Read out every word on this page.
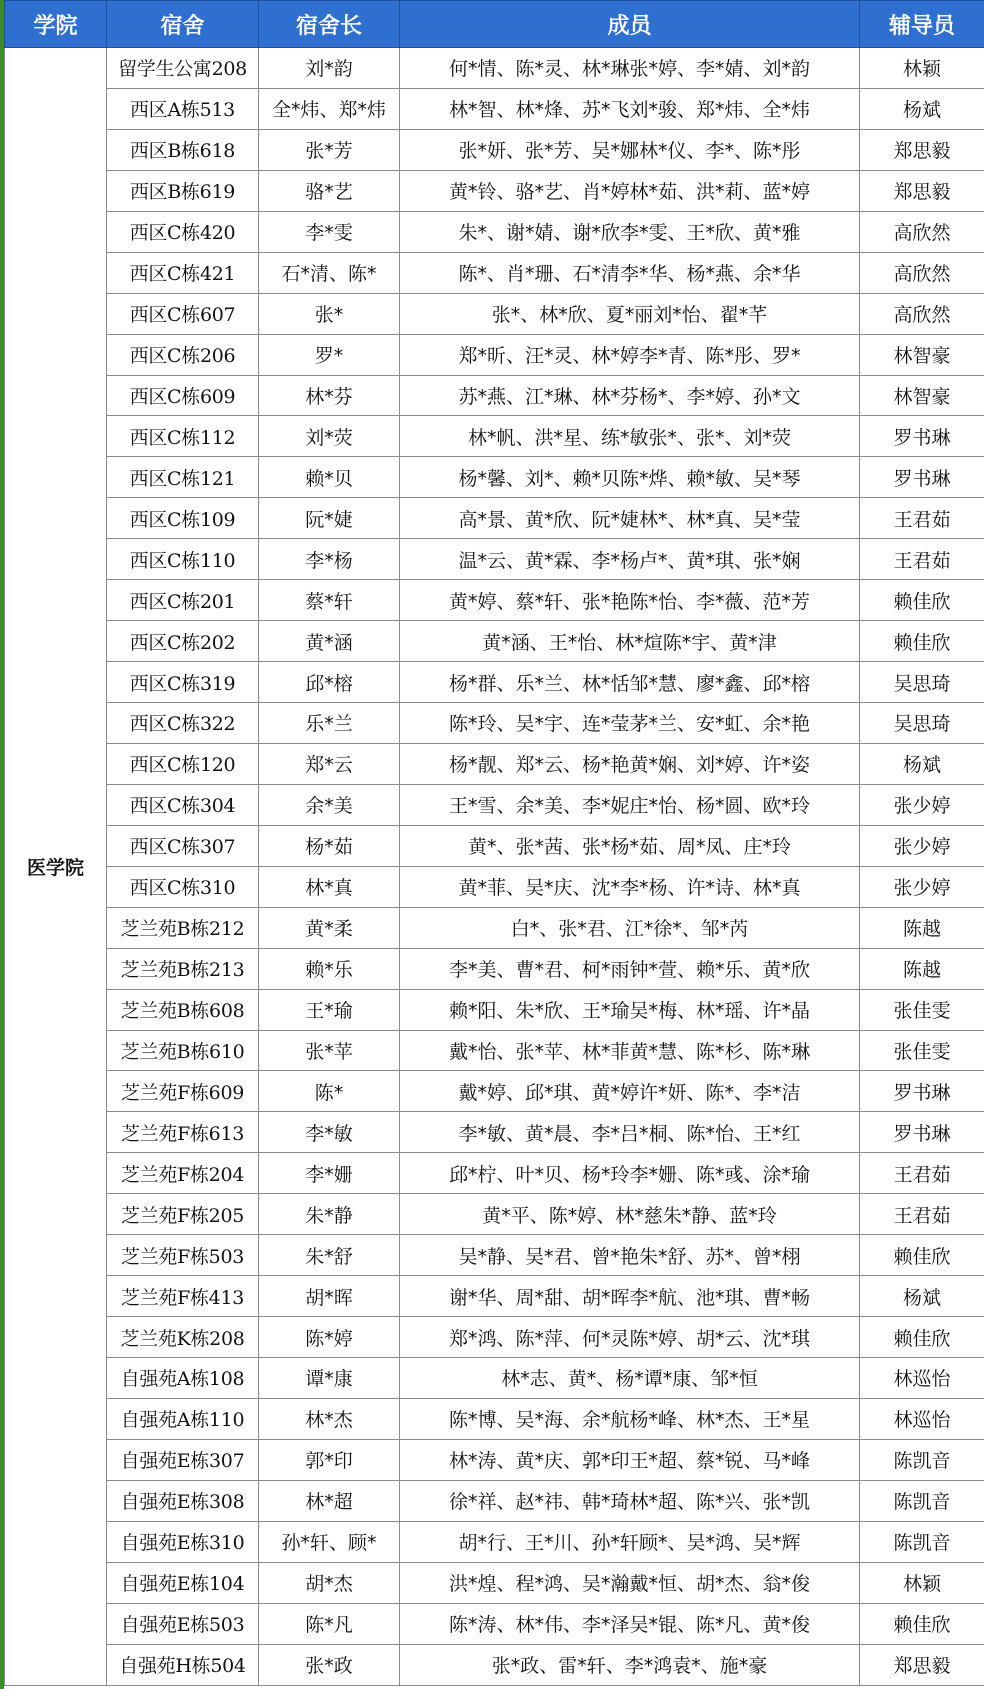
学院	宿舍	宿舍长	成员	辅导员
医学院	留学生公寓208	刘*韵	何*情、陈*灵、林*琳张*婷、李*婧、刘*韵	林颖
	西区A栋513	全*炜、郑*炜	林*智、林*烽、苏*飞刘*骏、郑*炜、全*炜	杨斌
	西区B栋618	张*芳	张*妍、张*芳、吴*娜林*仪、李*、陈*彤	郑思毅
	西区B栋619	骆*艺	黄*铃、骆*艺、肖*婷林*茹、洪*莉、蓝*婷	郑思毅
	西区C栋420	李*雯	朱*、谢*婧、谢*欣李*雯、王*欣、黄*雅	高欣然
	西区C栋421	石*清、陈*	陈*、肖*珊、石*清李*华、杨*燕、余*华	高欣然
	西区C栋607	张*	张*、林*欣、夏*丽刘*怡、翟*芊	高欣然
	西区C栋206	罗*	郑*昕、汪*灵、林*婷李*青、陈*彤、罗*	林智豪
	西区C栋609	林*芬	苏*燕、江*琳、林*芬杨*、李*婷、孙*文	林智豪
	西区C栋112	刘*荧	林*帆、洪*星、练*敏张*、张*、刘*荧	罗书琳
	西区C栋121	赖*贝	杨*馨、刘*、赖*贝陈*烨、赖*敏、吴*琴	罗书琳
	西区C栋109	阮*婕	高*景、黄*欣、阮*婕林*、林*真、吴*莹	王君茹
	西区C栋110	李*杨	温*云、黄*霖、李*杨卢*、黄*琪、张*娴	王君茹
	西区C栋201	蔡*轩	黄*婷、蔡*轩、张*艳陈*怡、李*薇、范*芳	赖佳欣
	西区C栋202	黄*涵	黄*涵、王*怡、林*煊陈*宇、黄*津	赖佳欣
	西区C栋319	邱*榕	杨*群、乐*兰、林*恬邹*慧、廖*鑫、邱*榕	吴思琦
	西区C栋322	乐*兰	陈*玲、吴*宇、连*莹茅*兰、安*虹、余*艳	吴思琦
	西区C栋120	郑*云	杨*靓、郑*云、杨*艳黄*娴、刘*婷、许*姿	杨斌
	西区C栋304	余*美	王*雪、余*美、李*妮庄*怡、杨*圆、欧*玲	张少婷
	西区C栋307	杨*茹	黄*、张*茜、张*杨*茹、周*凤、庄*玲	张少婷
	西区C栋310	林*真	黄*菲、吴*庆、沈*李*杨、许*诗、林*真	张少婷
	芝兰苑B栋212	黄*柔	白*、张*君、江*徐*、邹*芮	陈越
	芝兰苑B栋213	赖*乐	李*美、曹*君、柯*雨钟*萱、赖*乐、黄*欣	陈越
	芝兰苑B栋608	王*瑜	赖*阳、朱*欣、王*瑜吴*梅、林*瑶、许*晶	张佳雯
	芝兰苑B栋610	张*苹	戴*怡、张*苹、林*菲黄*慧、陈*杉、陈*琳	张佳雯
	芝兰苑F栋609	陈*	戴*婷、邱*琪、黄*婷许*妍、陈*、李*洁	罗书琳
	芝兰苑F栋613	李*敏	李*敏、黄*晨、李*吕*桐、陈*怡、王*红	罗书琳
	芝兰苑F栋204	李*姗	邱*柠、叶*贝、杨*玲李*姗、陈*彧、涂*瑜	王君茹
	芝兰苑F栋205	朱*静	黄*平、陈*婷、林*慈朱*静、蓝*玲	王君茹
	芝兰苑F栋503	朱*舒	吴*静、吴*君、曾*艳朱*舒、苏*、曾*栩	赖佳欣
	芝兰苑F栋413	胡*晖	谢*华、周*甜、胡*晖李*航、池*琪、曹*畅	杨斌
	芝兰苑K栋208	陈*婷	郑*鸿、陈*萍、何*灵陈*婷、胡*云、沈*琪	赖佳欣
	自强苑A栋108	谭*康	林*志、黄*、杨*谭*康、邹*恒	林巡怡
	自强苑A栋110	林*杰	陈*博、吴*海、余*航杨*峰、林*杰、王*星	林巡怡
	自强苑E栋307	郭*印	林*涛、黄*庆、郭*印王*超、蔡*锐、马*峰	陈凯音
	自强苑E栋308	林*超	徐*祥、赵*祎、韩*琦林*超、陈*兴、张*凯	陈凯音
	自强苑E栋310	孙*轩、顾*	胡*行、王*川、孙*轩顾*、吴*鸿、吴*辉	陈凯音
	自强苑E栋104	胡*杰	洪*煌、程*鸿、吴*瀚戴*恒、胡*杰、翁*俊	林颖
	自强苑E栋503	陈*凡	陈*涛、林*伟、李*泽吴*锟、陈*凡、黄*俊	赖佳欣
	自强苑H栋504	张*政	张*政、雷*轩、李*鸿袁*、施*豪	郑思毅
